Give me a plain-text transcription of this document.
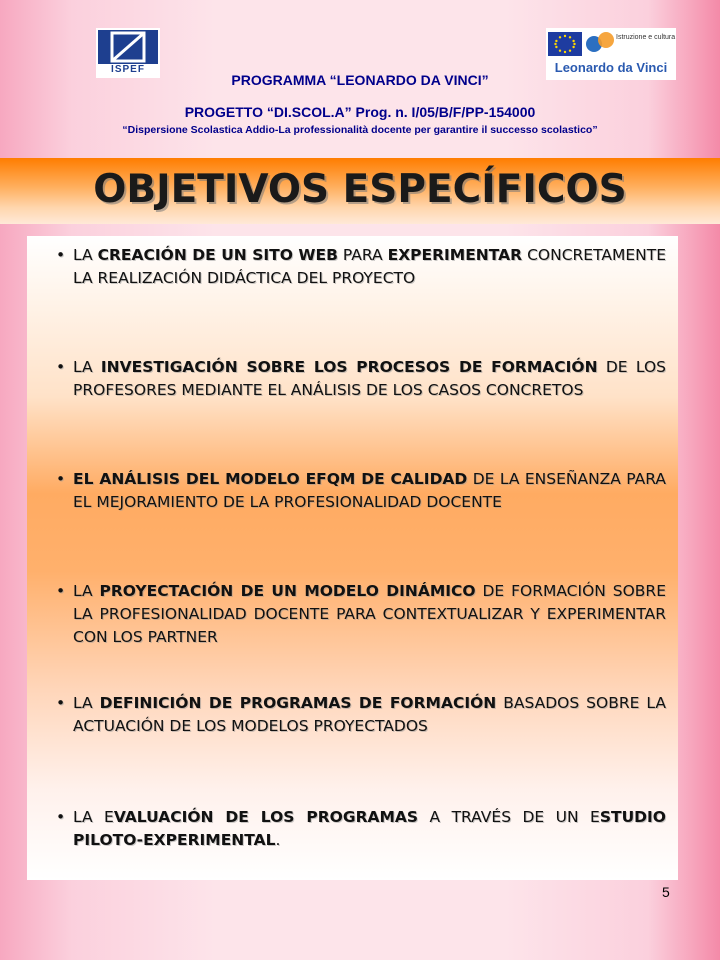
ISPEF
Istruzione e cultura
Leonardo da Vinci
PROGRAMMA “LEONARDO DA VINCI”
PROGETTO “DI.SCOL.A” Prog. n. I/05/B/F/PP-154000
“Dispersione Scolastica Addio-La professionalità docente per garantire il successo scolastico”
OBJETIVOS ESPECÍFICOS
• LA CREACIÓN DE UN SITO WEB PARA EXPERIMENTAR CONCRETAMENTE LA REALIZACIÓN DIDÁCTICA DEL PROYECTO
• LA INVESTIGACIÓN SOBRE LOS PROCESOS DE FORMACIÓN DE LOS PROFESORES MEDIANTE EL ANÁLISIS DE LOS CASOS CONCRETOS
• EL ANÁLISIS DEL MODELO EFQM DE CALIDAD DE LA ENSEÑANZA PARA EL MEJORAMIENTO DE LA PROFESIONALIDAD DOCENTE
• LA PROYECTACIÓN DE UN MODELO DINÁMICO DE FORMACIÓN SOBRE LA PROFESIONALIDAD DOCENTE PARA CONTEXTUALIZAR Y EXPERIMENTAR CON LOS PARTNER
• LA DEFINICIÓN DE PROGRAMAS DE FORMACIÓN BASADOS SOBRE LA ACTUACIÓN DE LOS MODELOS PROYECTADOS
• LA EVALUACIÓN DE LOS PROGRAMAS A TRAVÉS DE UN ESTUDIO PILOTO-EXPERIMENTAL.
5
